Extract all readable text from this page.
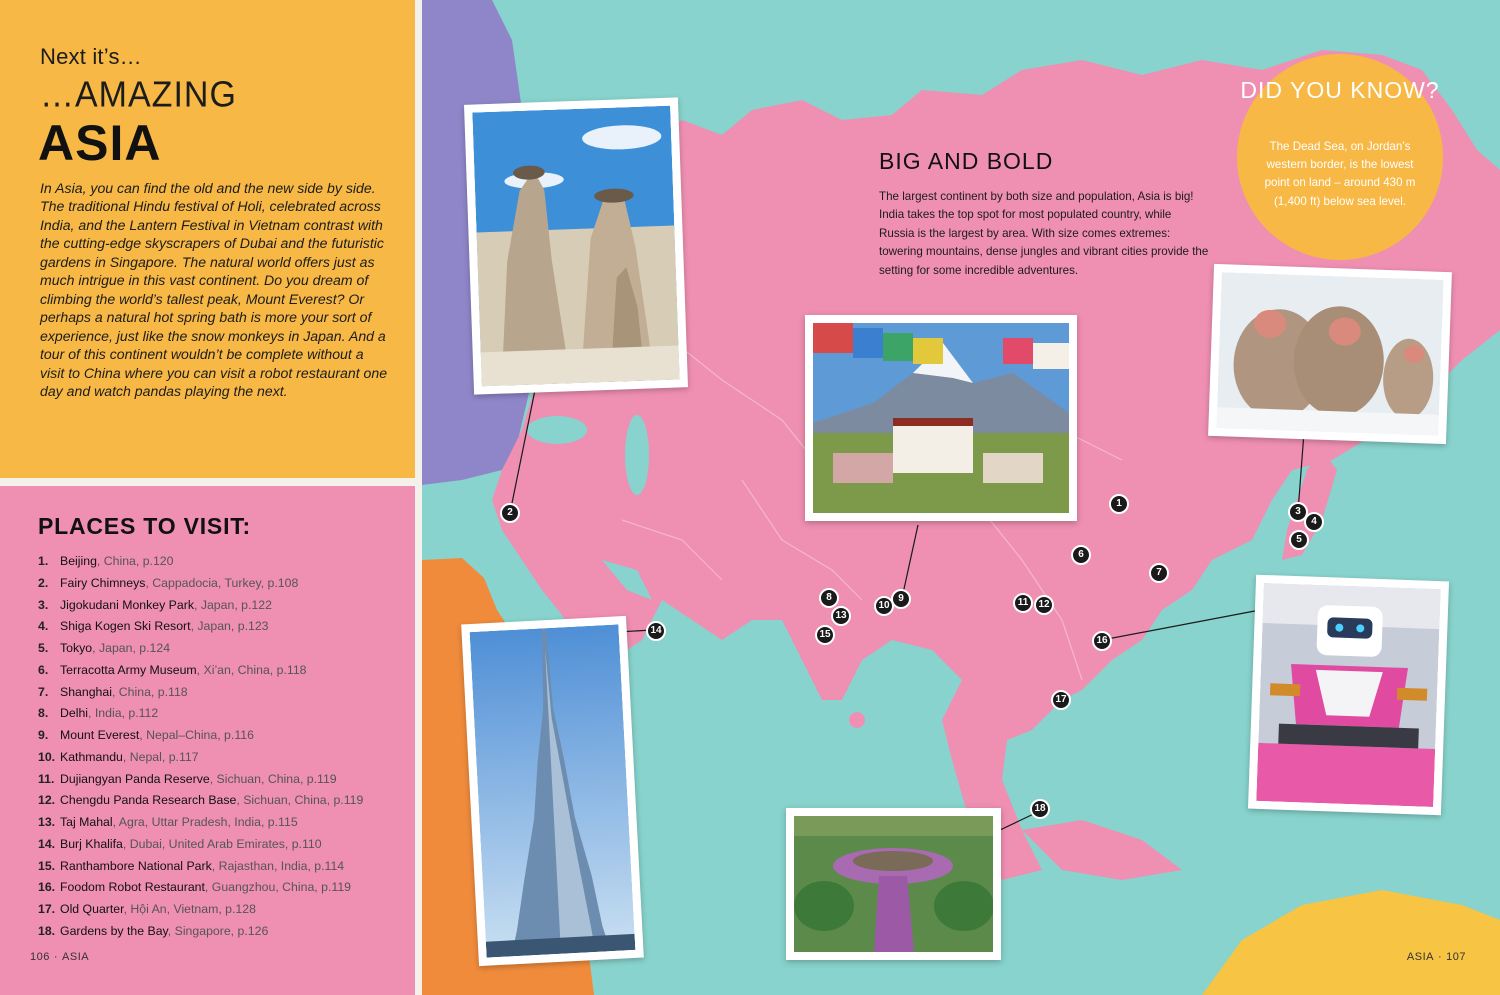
Next it’s…
…AMAZING
ASIA

In Asia, you can find the old and the new side by side. The traditional Hindu festival of Holi, celebrated across India, and the Lantern Festival in Vietnam contrast with the cutting-edge skyscrapers of Dubai and the futuristic gardens in Singapore. The natural world offers just as much intrigue in this vast continent. Do you dream of climbing the world’s tallest peak, Mount Everest? Or perhaps a natural hot spring bath is more your sort of experience, just like the snow monkeys in Japan. And a tour of this continent wouldn’t be complete without a visit to China where you can visit a robot restaurant one day and watch pandas playing the next.

PLACES TO VISIT:
1. Beijing, China, p.120
2. Fairy Chimneys, Cappadocia, Turkey, p.108
3. Jigokudani Monkey Park, Japan, p.122
4. Shiga Kogen Ski Resort, Japan, p.123
5. Tokyo, Japan, p.124
6. Terracotta Army Museum, Xi’an, China, p.118
7. Shanghai, China, p.118
8. Delhi, India, p.112
9. Mount Everest, Nepal–China, p.116
10. Kathmandu, Nepal, p.117
11. Dujiangyan Panda Reserve, Sichuan, China, p.119
12. Chengdu Panda Research Base, Sichuan, China, p.119
13. Taj Mahal, Agra, Uttar Pradesh, India, p.115
14. Burj Khalifa, Dubai, United Arab Emirates, p.110
15. Ranthambore National Park, Rajasthan, India, p.114
16. Foodom Robot Restaurant, Guangzhou, China, p.119
17. Old Quarter, Hội An, Vietnam, p.128
18. Gardens by the Bay, Singapore, p.126
106 · ASIA
BIG AND BOLD

The largest continent by both size and population, Asia is big! India takes the top spot for most populated country, while Russia is the largest by area. With size comes extremes: towering mountains, dense jungles and vibrant cities provide the setting for some incredible adventures.

DID YOU KNOW?

The Dead Sea, on Jordan’s western border, is the lowest point on land – around 430 m (1,400 ft) below sea level.

1
2	3
4
5
6
7
8	9
10	11	12
13
14	15
16
17
18
ASIA · 107
